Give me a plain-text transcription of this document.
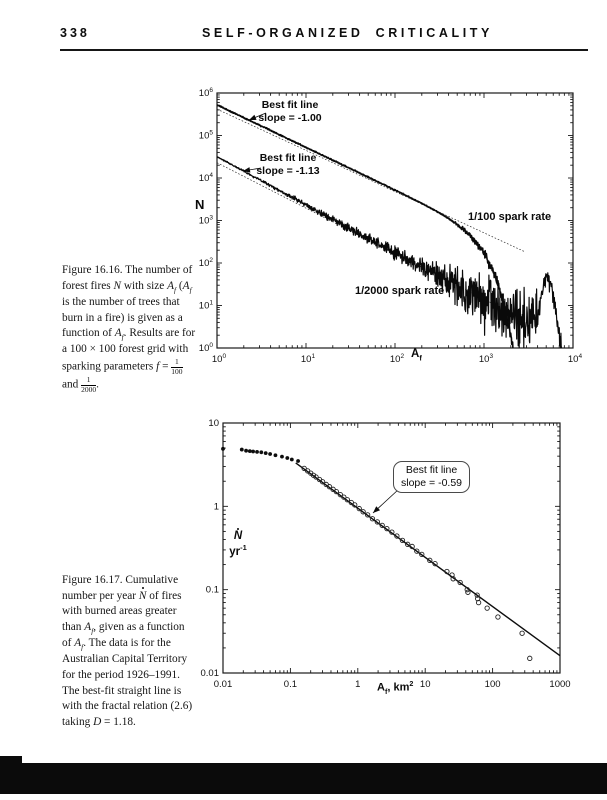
338	SELF-ORGANIZED CRITICALITY
$10^0$	$10^1$	$10^2$	$10^3$	$10^4$
$10^0$
$10^1$
$10^2$
$10^3$
$10^4$
$10^5$
$10^6$
Best fit line
slope = -1.00
Best fit line
slope = -1.13
1/100 spark rate
1/2000 spark rate
N
$A_f$
Figure 16.16. The number of forest fires N with size $A_f$ ($A_f$ is the number of trees that burn in a fire) is given as a function of $A_f$. Results are for a 100 × 100 forest grid with sparking parameters $f = \frac{1}{100}$
and $\frac{1}{2000}$ .
0.01	0.1	1	10	100	1000
0.01
0.1
1
10
Best fit line
slope = -0.59
N
$yr^{-1}$
$A_f$, $km^2$
Figure 16.17. Cumulative number per year N of fires with burned areas greater than $A_f$, given as a function of $A_f$. The data is for the Australian Capital Territory for the period 1926–1991. The best-fit straight line is with the fractal relation (2.6) taking D = 1.18.
